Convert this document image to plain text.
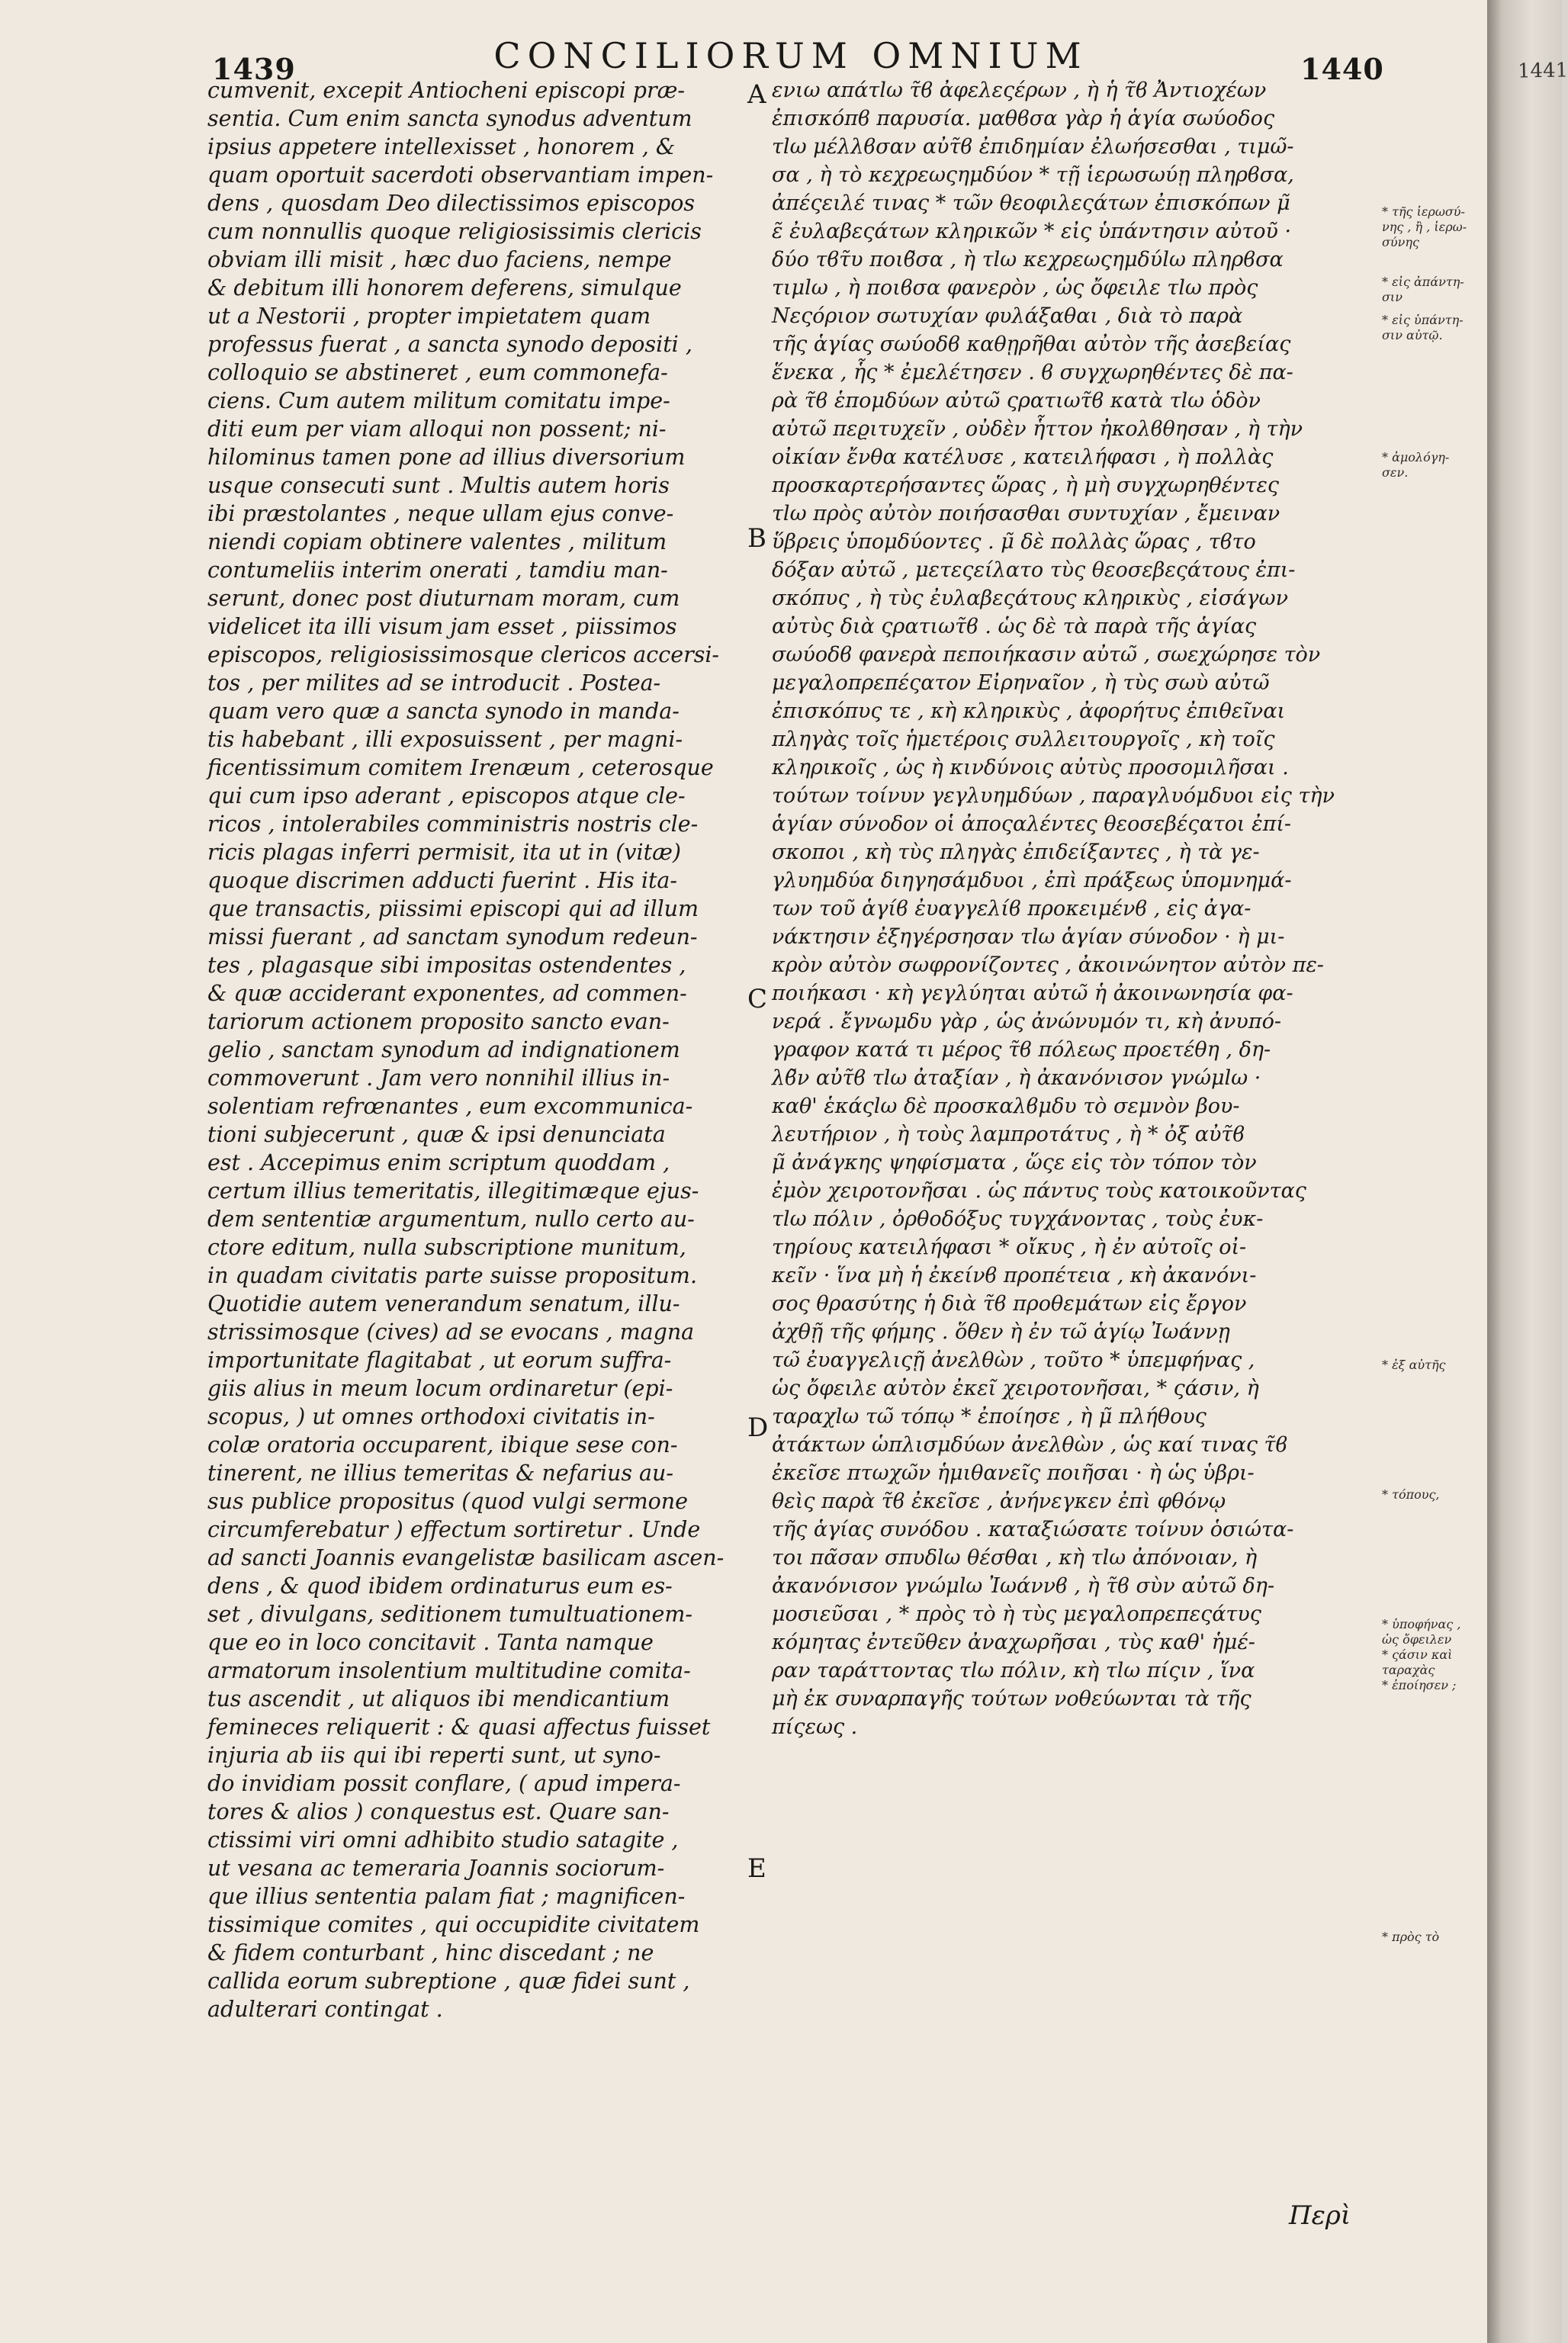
1439	CONCILIORUM OMNIUM	1440
cumvenit, excepit Antiocheni episcopi præ-
sentia. Cum enim sancta synodus adventum
ipsius appetere intellexisset , honorem , &
quam oportuit sacerdoti observantiam impen-
dens , quosdam Deo dilectissimos episcopos
cum nonnullis quoque religiosissimis clericis
obviam illi misit , hæc duo faciens, nempe
& debitum illi honorem deferens, simulque
ut a Nestorii , propter impietatem quam
professus fuerat , a sancta synodo depositi ,
colloquio se abstineret , eum commonefa-
ciens. Cum autem militum comitatu impe-
diti eum per viam alloqui non possent; ni-
hilominus tamen pone ad illius diversorium
usque consecuti sunt . Multis autem horis
ibi præstolantes , neque ullam ejus conve-
niendi copiam obtinere valentes , militum
contumeliis interim onerati , tamdiu man-
serunt, donec post diuturnam moram, cum
videlicet ita illi visum jam esset , piissimos
episcopos, religiosissimosque clericos accersi-
tos , per milites ad se introducit . Postea-
quam vero quæ a sancta synodo in manda-
tis habebant , illi exposuissent , per magni-
ficentissimum comitem Irenæum , ceterosque
qui cum ipso aderant , episcopos atque cle-
ricos , intolerabiles comministris nostris cle-
ricis plagas inferri permisit, ita ut in (vitæ)
quoque discrimen adducti fuerint . His ita-
que transactis, piissimi episcopi qui ad illum
missi fuerant , ad sanctam synodum redeun-
tes , plagasque sibi impositas ostendentes ,
& quæ acciderant exponentes, ad commen-
tariorum actionem proposito sancto evan-
gelio , sanctam synodum ad indignationem
commoverunt . Jam vero nonnihil illius in-
solentiam refrœnantes , eum excommunica-
tioni subjecerunt , quæ & ipsi denunciata
est . Accepimus enim scriptum quoddam ,
certum illius temeritatis, illegitimæque ejus-
dem sententiæ argumentum, nullo certo au-
ctore editum, nulla subscriptione munitum,
in quadam civitatis parte suisse propositum.
Quotidie autem venerandum senatum, illu-
strissimosque (cives) ad se evocans , magna
importunitate flagitabat , ut eorum suffra-
giis alius in meum locum ordinaretur (epi-
scopus, ) ut omnes orthodoxi civitatis in-
colæ oratoria occuparent, ibique sese con-
tinerent, ne illius temeritas & nefarius au-
sus publice propositus (quod vulgi sermone
circumferebatur ) effectum sortiretur . Unde
ad sancti Joannis evangelistæ basilicam ascen-
dens , & quod ibidem ordinaturus eum es-
set , divulgans, seditionem tumultuationem-
que eo in loco concitavit . Tanta namque
armatorum insolentium multitudine comita-
tus ascendit , ut aliquos ibi mendicantium
femineces reliquerit : & quasi affectus fuisset
injuria ab iis qui ibi reperti sunt, ut syno-
do invidiam possit conflare, ( apud impera-
tores & alios ) conquestus est. Quare san-
ctissimi viri omni adhibito studio satagite ,
ut vesana ac temeraria Joannis sociorum-
que illius sententia palam fiat ; magnificen-
tissimique comites , qui occupidite civitatem
& fidem conturbant , hinc discedant ; ne
callida eorum subreptione , quæ fidei sunt ,
adulterari contingat .
ενιω απάτlω τ̃ϐ ἀφελεςέρων , ὴ ἡ τ̃ϐ Ἀντιοχέων
ἐπισκόπϐ παρυσία. μαθϐσα γὰρ ἡ ἁγία σωύοδος
τlω μέλλϐσαν αὐτ̃ϐ ἐπιδημίαν ἐλωήσεσθαι , τιμω̃-
σα , ὴ τὸ κεχρεωςημδύον * τῇ ἱερωσωύῃ πληρϐσα,
ἀπέςειλέ τινας * τω̃ν θεοφιλεςάτων ἐπισκόπων μ̃
ε̃ ἐυλαβεςάτων κληρικω̃ν * εἰς ὑπάντησιν αὐτοῦ ·
δύο τϐτ̃υ ποιϐ̃σα , ὴ τlω κεχρεωςημδύlω πληρϐσα
τιμlω , ὴ ποιϐσα φανερὸν , ὡς ὄφειλε τlω πρὸς
Νεςόριον σωτυχίαν φυλάξαθαι , διὰ τὸ παρὰ
τῆς ἁγίας σωύοδϐ καθῃρη̃θαι αὐτὸν τῆς ἀσεβείας
ἕνεκα , ἧς * ἐμελέτησεν . ϐ συγχωρηθέντες δὲ πα-
ρὰ τ̃ϐ ἑπομδύων αὐτω̃ ςρατιωτ̃ϐ κατὰ τlω ὁδὸν
αὐτω̃ πεϱιτυχεῖν , οὐδὲν ἧττον ἠκολϐθησαν , ὴ τὴν
οἰκίαν ἔνθα κατέλυσε , κατειλήφασι , ὴ πολλὰς
προσκαρτερήσαντες ὥρας , ὴ μὴ συγχωρηθέντες
τlω πρὸς αὐτὸν ποιήσασθαι συντυχίαν , ἔμειναν
ὕβρεις ὑπομδύοντες . μ̃ δὲ πολλὰς ὥρας , τϐτο
δόξαν αὐτω̃ , μετεςείλατο τὺς θεοσεβεςάτους ἐπι-
σκόπυς , ὴ τὺς ἐυλαβεςάτους κληρικὺς , εἰσάγων
αὐτὺς διὰ ςρατιωτ̃ϐ . ὡς δὲ τὰ παρὰ τῆς ἁγίας
σωύοδϐ φανερὰ πεποιήκασιν αὐτω̃ , σωεχώρησε τὸν
μεγαλοπρεπέςατον Εἰρηναῖον , ὴ τὺς σωὺ αὐτω̃
ἐπισκόπυς τε , κὴ κληρικὺς , ἀφορήτυς ἐπιθεῖναι
πληγὰς τοῖς ἡμετέροις συλλειτουργοῖς , κὴ τοῖς
κληρικοῖς , ὡς ὴ κινδύνοις αὐτὺς προσομιλῆσαι .
τούτων τοίνυν γεγλυημδύων , παραγλυόμδυοι εἰς τὴν
ἁγίαν σύνοδον οἱ ἀποςαλέντες θεοσεβέςατοι ἐπί-
σκοποι , κὴ τὺς πληγὰς ἐπιδείξαντες , ὴ τὰ γε-
γλυημδύα διηγησάμδυοι , ἐπὶ πράξεως ὑπομνημά-
των τοῦ ἁγίϐ ἐυαγγελίϐ προκειμένϐ , εἰς ἀγα-
νάκτησιν ἐξηγέρσησαν τlω ἁγίαν σύνοδον · ὴ μι-
κρὸν αὐτὸν σωφρονίζοντες , ἀκοινώνητον αὐτὸν πε-
ποιήκασι · κὴ γεγλύηται αὐτω̃ ἡ ἀκοινωνησία φα-
νερά . ἔγνωμδυ γὰρ , ὡς ἀνώνυμόν τι, κὴ ἀνυπό-
γραφον κατά τι μέρος τ̃ϐ πόλεως προετέθη , δη-
λϐ̃ν αὐτ̃ϐ τlω ἀταξίαν , ὴ ἀκανόνισον γνώμlω ·
καθ' ἑκάςlω δὲ προσκαλϐμδυ τὸ σεμνὸν βου-
λευτήριον , ὴ τοὺς λαμπροτάτυς , ὴ * ὀξ αὐτ̃ϐ
μ̃ ἀνάγκης ψηφίσματα , ὥςε εἰς τὸν τόπον τὸν
ἐμὸν χειροτονῆσαι . ὡς πάντυς τοὺς κατοικοῦντας
τlω πόλιν , ὀρθοδόξυς τυγχάνοντας , τοὺς ἐυκ-
τηρίους κατειλήφασι * οἴκυς , ὴ ἐν αὐτοῖς οἰ-
κεῖν · ἵνα μὴ ἡ ἐκείνϐ προπέτεια , κὴ ἀκανόνι-
σος θρασύτης ἡ διὰ τ̃ϐ προθεμάτων εἰς ἔργον
ἀχθῇ τῆς φήμης . ὅθεν ὴ ἐν τω̃ ἁγίῳ Ἰωάννῃ
τω̃ ἐυαγγελιςῇ ἀνελθὼν , τοῦτο * ὑπεμφήνας ,
ὡς ὄφειλε αὐτὸν ἐκεῖ χειροτονῆσαι, * ςάσιν, ὴ
ταραχlω τω̃ τόπῳ * ἐποίησε , ὴ μ̃ πλήθους
ἀτάκτων ὡπλισμδύων ἀνελθὼν , ὡς καί τινας τ̃ϐ
ἐκεῖσε πτωχω̃ν ἡμιθανεῖς ποιῆσαι · ὴ ὡς ὑβρι-
θεὶς παρὰ τ̃ϐ ἐκεῖσε , ἀνήνεγκεν ἐπὶ φθόνῳ
τῆς ἁγίας συνόδου . καταξιώσατε τοίνυν ὁσιώτα-
τοι πα̃σαν σπυδlω θέσθαι , κὴ τlω ἀπόνοιαν, ὴ
ἀκανόνισον γνώμlω Ἰωάννϐ , ὴ τ̃ϐ σὺν αὐτω̃ δη-
μοσιεῦσαι , * πρὸς τὸ ὴ τὺς μεγαλοπρεπεςάτυς
κόμητας ἐντεῦθεν ἀναχωρῆσαι , τὺς καθ' ἡμέ-
ραν ταράττοντας τlω πόλιν, κὴ τlω πίςιν , ἵνα
μὴ ἐκ συναρπαγῆς τούτων νοθεύωνται τὰ τῆς
πίςεως .
A
B
C
D
E
* τῆς ἱερωσύ-
νης , ἢ , ἱερω-
σύνης
* εἰς ἀπάντη-
σιν
* εἰς ὑπάντη-
σιν αὐτῷ.
* ἀμολόγη-
σεν.
* ἐξ αὐτῆς
* τόπους,
* ὑποφήνας ,
ὡς ὄφειλεν
* ςάσιν καὶ
ταραχὰς
* ἐποίησεν ;
* πρὸς τὸ
Περὶ
1441
